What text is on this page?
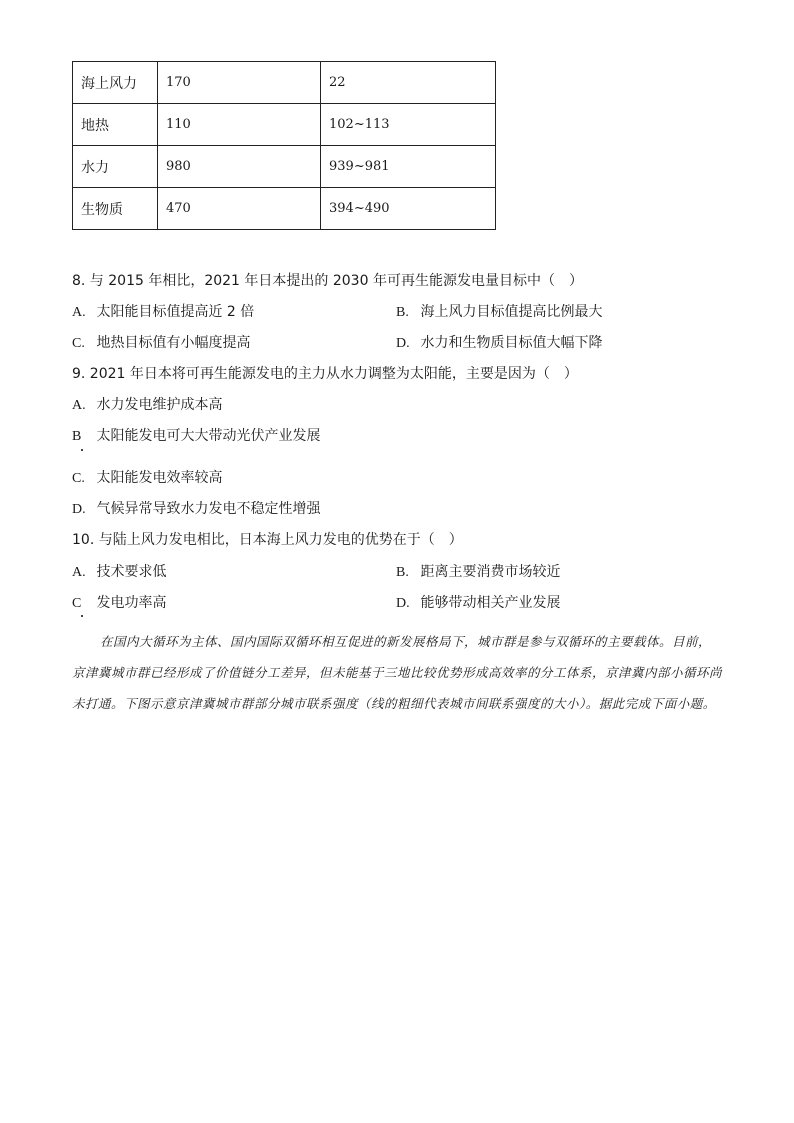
海上风力	170	22
地热	110	102~113
水力	980	939~981
生物质	470	394~490
8. 与 2015 年相比，2021 年日本提出的 2030 年可再生能源发电量目标中（　）
A. 太阳能目标值提高近 2 倍	B. 海上风力目标值提高比例最大
C. 地热目标值有小幅度提高	D. 水力和生物质目标值大幅下降
9. 2021 年日本将可再生能源发电的主力从水力调整为太阳能，主要是因为（　）
A. 水力发电维护成本高
B 太阳能发电可大大带动光伏产业发展
C. 太阳能发电效率较高
D. 气候异常导致水力发电不稳定性增强
10. 与陆上风力发电相比，日本海上风力发电的优势在于（　）
A. 技术要求低	B. 距离主要消费市场较近
C 发电功率高	D. 能够带动相关产业发展
在国内大循环为主体、国内国际双循环相互促进的新发展格局下，城市群是参与双循环的主要载体。目前，京津冀城市群已经形成了价值链分工差异，但未能基于三地比较优势形成高效率的分工体系，京津冀内部小循环尚未打通。下图示意京津冀城市群部分城市联系强度（线的粗细代表城市间联系强度的大小）。据此完成下面小题。
